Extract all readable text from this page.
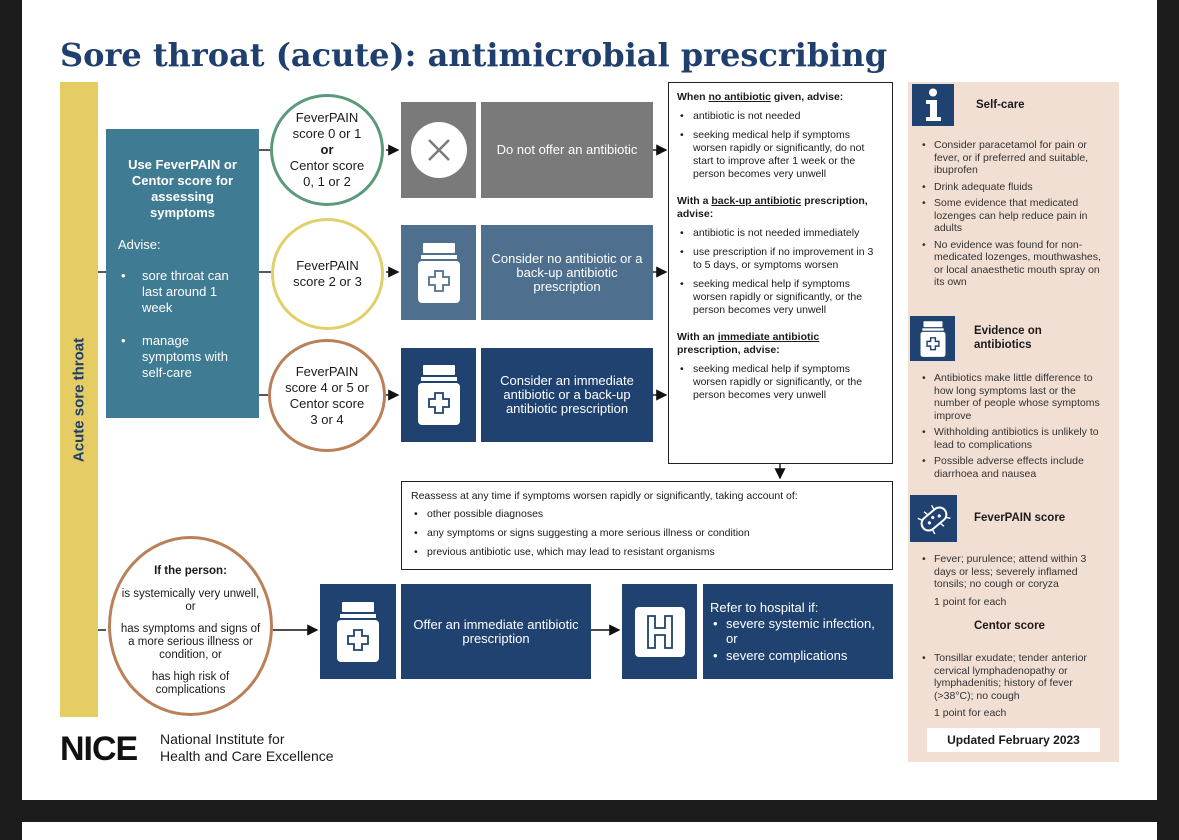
Sore throat (acute): antimicrobial prescribing
Acute sore throat
Use FeverPAIN or Centor score for assessing symptoms
Advise:
• sore throat can last around 1 week
• manage symptoms with self-care
FeverPAIN
score 0 or 1
or
Centor score
0, 1 or 2
FeverPAIN
score 2 or 3
FeverPAIN
score 4 or 5 or
Centor score
3 or 4
Do not offer an antibiotic
Consider no antibiotic or a back-up antibiotic prescription
Consider an immediate antibiotic or a back-up antibiotic prescription
When no antibiotic given, advise:
• antibiotic is not needed
• seeking medical help if symptoms worsen rapidly or significantly, do not start to improve after 1 week or the person becomes very unwell
With a back-up antibiotic prescription, advise:
• antibiotic is not needed immediately
• use prescription if no improvement in 3 to 5 days, or symptoms worsen
• seeking medical help if symptoms worsen rapidly or significantly, or the person becomes very unwell
With an immediate antibiotic prescription, advise:
• seeking medical help if symptoms worsen rapidly or significantly, or the person becomes very unwell
Reassess at any time if symptoms worsen rapidly or significantly, taking account of:
• other possible diagnoses
• any symptoms or signs suggesting a more serious illness or condition
• previous antibiotic use, which may lead to resistant organisms
If the person:
is systemically very unwell, or
has symptoms and signs of a more serious illness or condition, or
has high risk of complications
Offer an immediate antibiotic prescription
Refer to hospital if:
• severe systemic infection, or
• severe complications
Self-care
• Consider paracetamol for pain or fever, or if preferred and suitable, ibuprofen
• Drink adequate fluids
• Some evidence that medicated lozenges can help reduce pain in adults
• No evidence was found for non-medicated lozenges, mouthwashes, or local anaesthetic mouth spray on its own
Evidence on antibiotics
• Antibiotics make little difference to how long symptoms last or the number of people whose symptoms improve
• Withholding antibiotics is unlikely to lead to complications
• Possible adverse effects include diarrhoea and nausea
FeverPAIN score
• Fever; purulence; attend within 3 days or less; severely inflamed tonsils; no cough or coryza
1 point for each
Centor score
• Tonsillar exudate; tender anterior cervical lymphadenopathy or lymphadenitis; history of fever (>38°C); no cough
1 point for each
Updated February 2023
NICE National Institute for
Health and Care Excellence
